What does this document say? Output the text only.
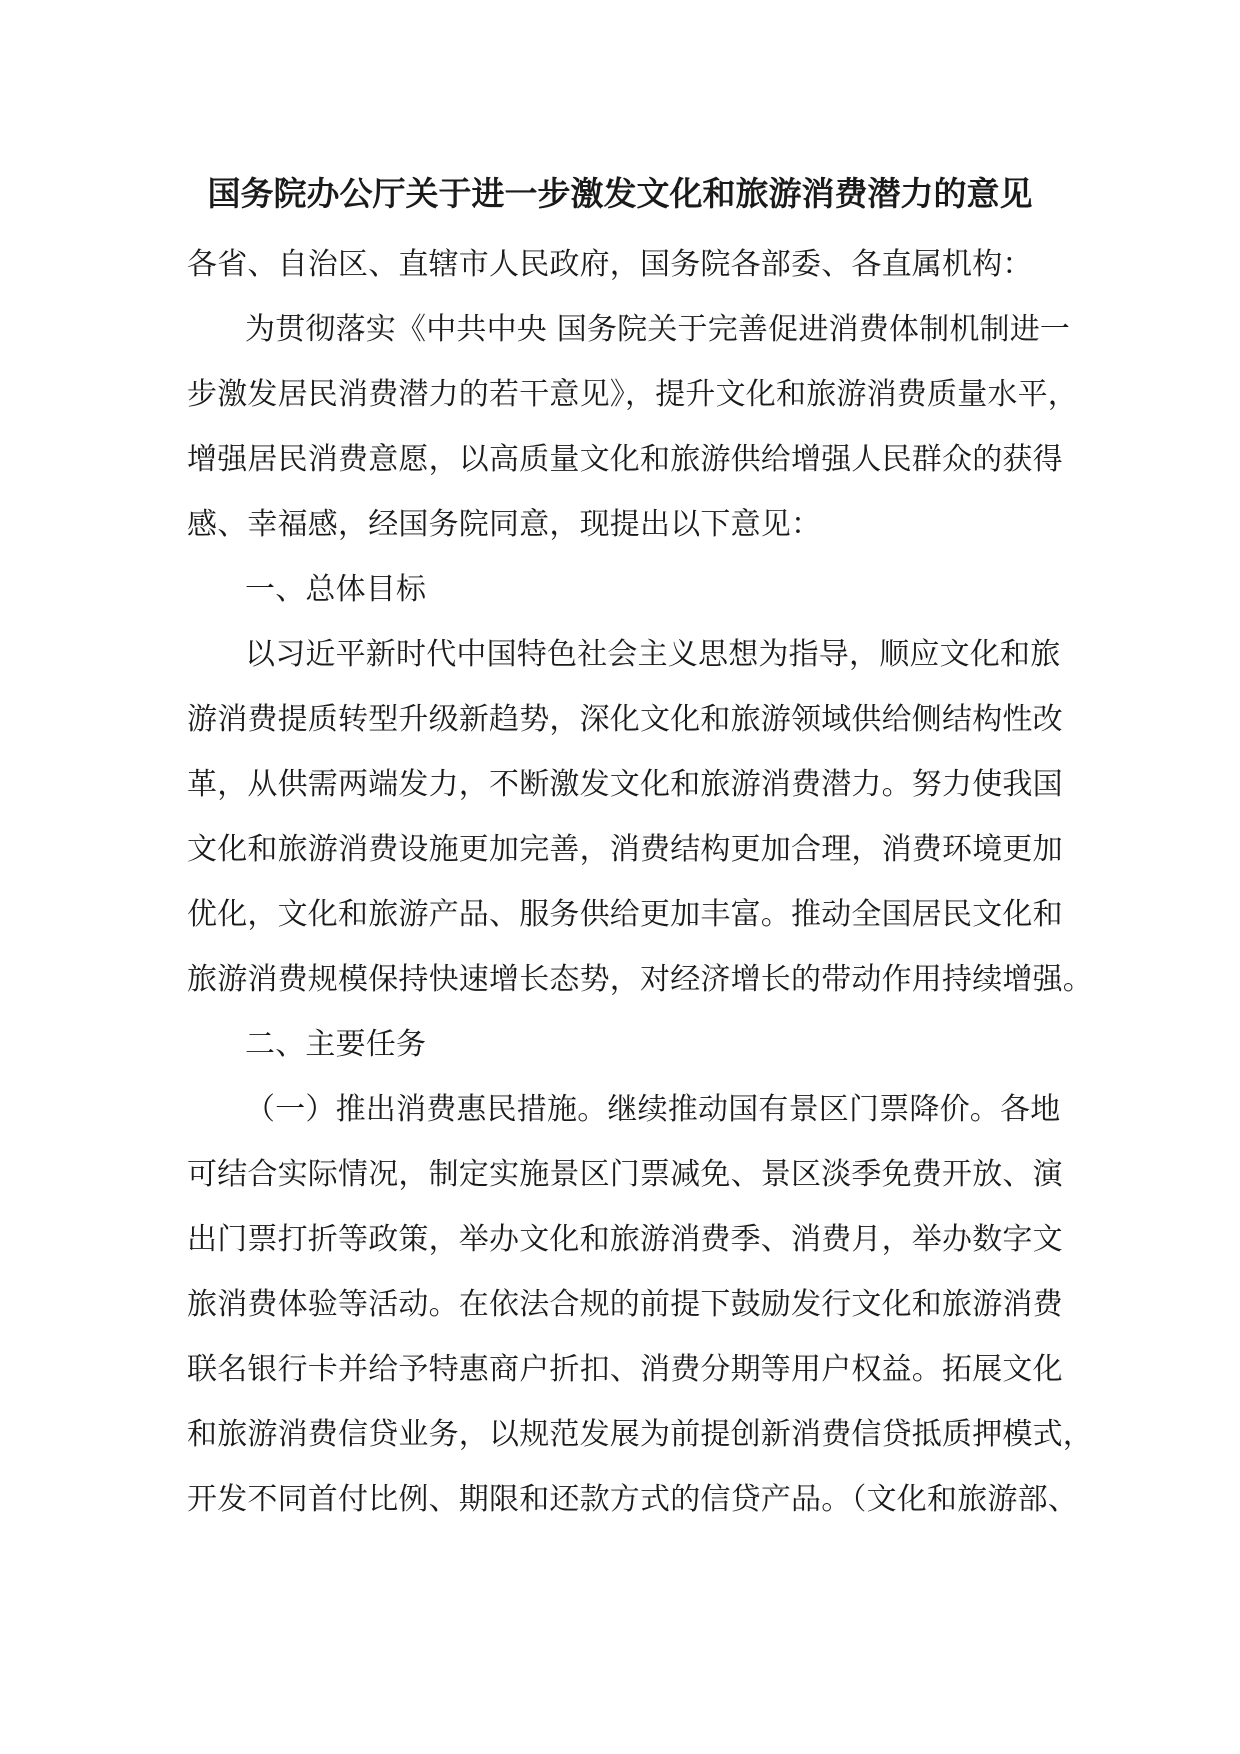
国务院办公厅关于进一步激发文化和旅游消费潜力的意见
各省、自治区、直辖市人民政府，国务院各部委、各直属机构：
为贯彻落实《中共中央 国务院关于完善促进消费体制机制进一
步激发居民消费潜力的若干意见》，提升文化和旅游消费质量水平，
增强居民消费意愿，以高质量文化和旅游供给增强人民群众的获得
感、幸福感，经国务院同意，现提出以下意见：
一、总体目标
以习近平新时代中国特色社会主义思想为指导，顺应文化和旅
游消费提质转型升级新趋势，深化文化和旅游领域供给侧结构性改
革，从供需两端发力，不断激发文化和旅游消费潜力。努力使我国
文化和旅游消费设施更加完善，消费结构更加合理，消费环境更加
优化，文化和旅游产品、服务供给更加丰富。推动全国居民文化和
旅游消费规模保持快速增长态势，对经济增长的带动作用持续增强。
二、主要任务
（一）推出消费惠民措施。继续推动国有景区门票降价。各地
可结合实际情况，制定实施景区门票减免、景区淡季免费开放、演
出门票打折等政策，举办文化和旅游消费季、消费月，举办数字文
旅消费体验等活动。在依法合规的前提下鼓励发行文化和旅游消费
联名银行卡并给予特惠商户折扣、消费分期等用户权益。拓展文化
和旅游消费信贷业务，以规范发展为前提创新消费信贷抵质押模式，
开发不同首付比例、期限和还款方式的信贷产品。（文化和旅游部、
